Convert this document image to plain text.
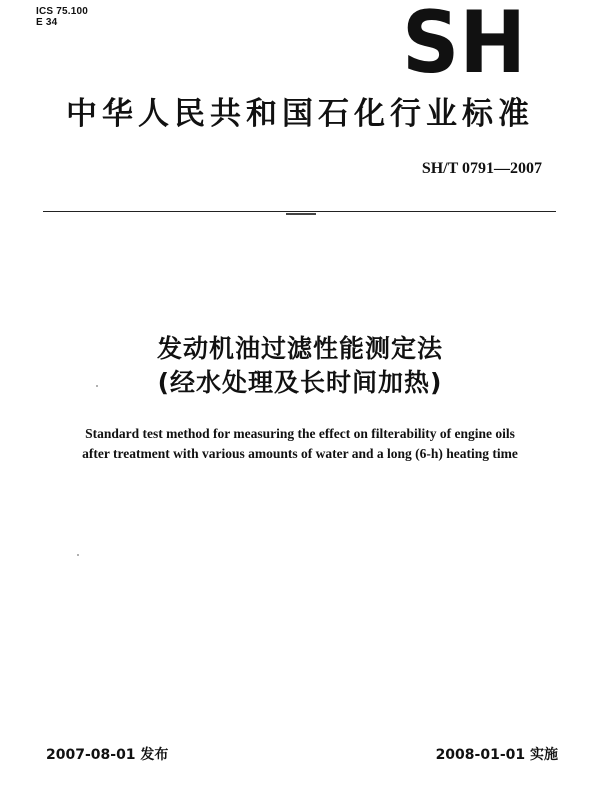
ICS 75.100
E 34	SH
中华人民共和国石化行业标准
SH/T 0791—2007
发动机油过滤性能测定法
(经水处理及长时间加热)
Standard test method for measuring the effect on filterability of engine oils
after treatment with various amounts of water and a long (6-h) heating time
2007-08-01 发布	2008-01-01 实施
